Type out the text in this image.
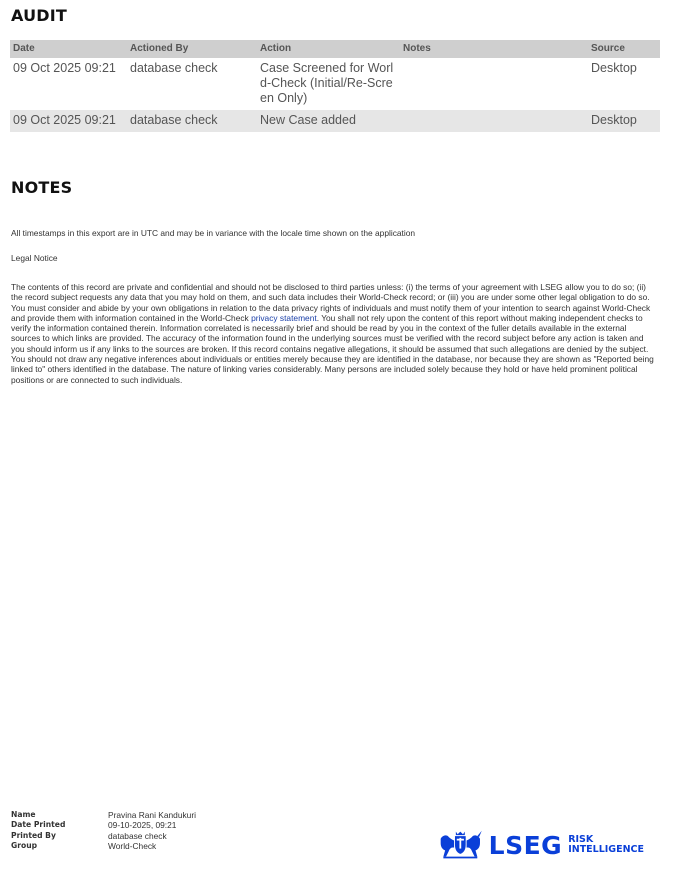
AUDIT
Date	Actioned By	Action	Notes	Source
09 Oct 2025 09:21	database check	Case Screened for World-Check (Initial/Re-Screen Only)		Desktop
09 Oct 2025 09:21	database check	New Case added		Desktop
NOTES
All timestamps in this export are in UTC and may be in variance with the locale time shown on the application
Legal Notice
The contents of this record are private and confidential and should not be disclosed to third parties unless: (i) the terms of your agreement with LSEG allow you to do so; (ii) the record subject requests any data that you may hold on them, and such data includes their World-Check record; or (iii) you are under some other legal obligation to do so. You must consider and abide by your own obligations in relation to the data privacy rights of individuals and must notify them of your intention to search against World-Check and provide them with information contained in the World-Check privacy statement. You shall not rely upon the content of this report without making independent checks to verify the information contained therein. Information correlated is necessarily brief and should be read by you in the context of the fuller details available in the external sources to which links are provided. The accuracy of the information found in the underlying sources must be verified with the record subject before any action is taken and you should inform us if any links to the sources are broken. If this record contains negative allegations, it should be assumed that such allegations are denied by the subject. You should not draw any negative inferences about individuals or entities merely because they are identified in the database, nor because they are shown as "Reported being linked to" others identified in the database. The nature of linking varies considerably. Many persons are included solely because they hold or have held prominent political positions or are connected to such individuals.
Name	Pravina Rani Kandukuri
Date Printed	09-10-2025, 09:21
Printed By	database check
Group	World-Check	LSEG RISK
INTELLIGENCE
